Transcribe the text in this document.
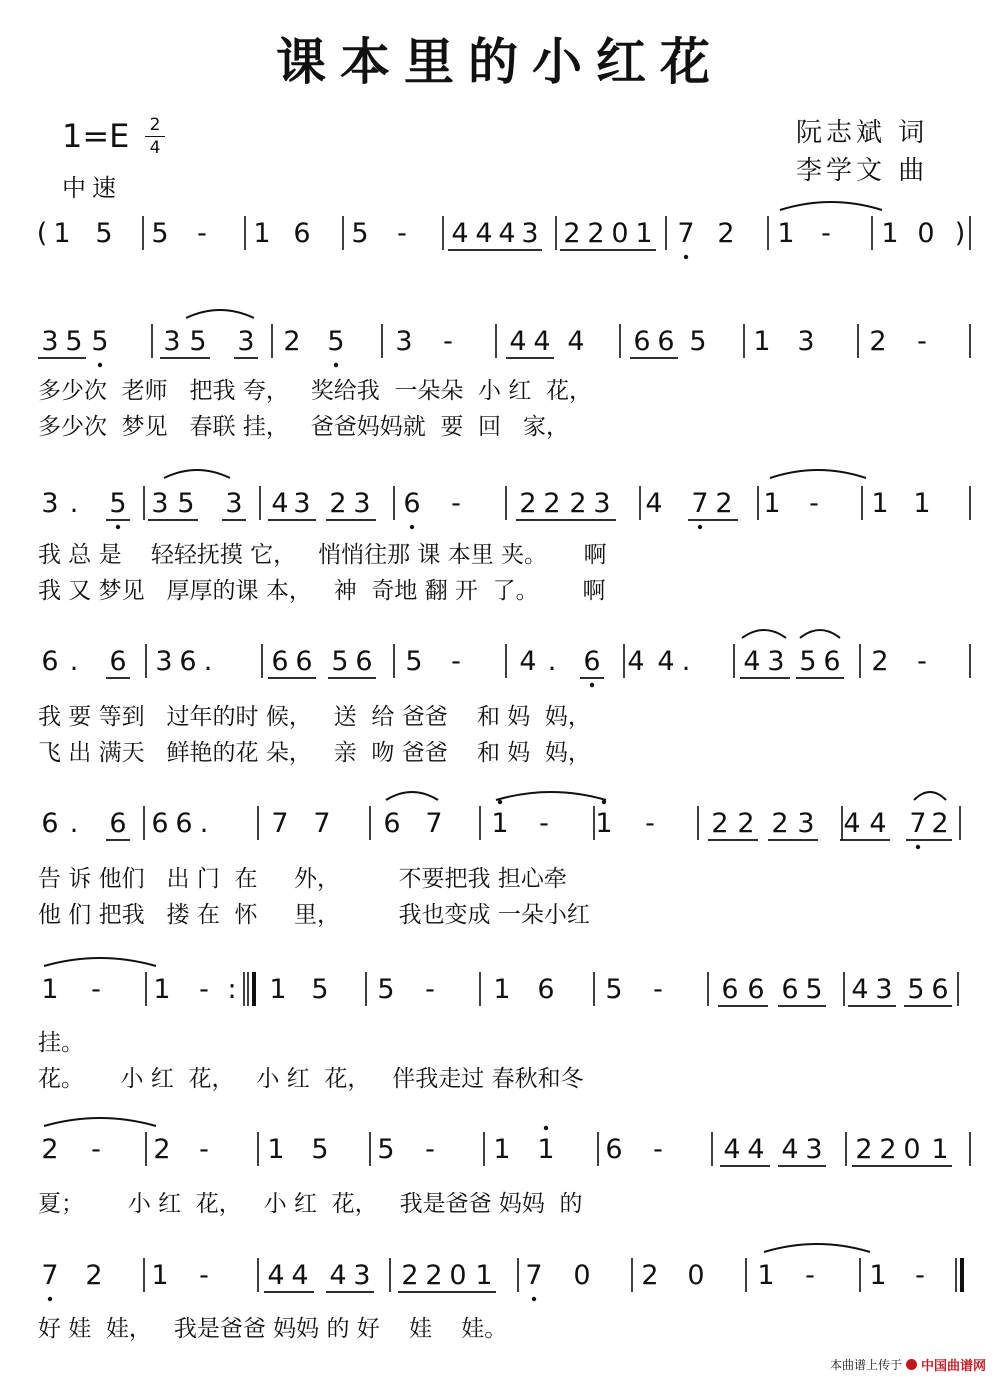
课本里的小红花
1=E 2
4
中速
阮志斌 词
李学文 曲
( 1 5 5 - 1 6 5 - 4 4 4 3 2 2 0 1 7 2 1 - 1 0 )
3 5 5 3 5 3 2 5 3 - 4 4 4 6 6 5 1 3 2 -
3 . 5 3 5 3 4 3 2 3 6 - 2 2 2 3 4 7 2 1 - 1 1
6 . 6 3 6 . 6 6 5 6 5 - 4 . 6 4 4 . 4 3 5 6 2 -
6 . 6 6 6 . 7 7 6 7 1 - 1 - 2 2 2 3 4 4 7 2
1 - 1 - : 1 5 5 - 1 6 5 - 6 6 6 5 4 3 5 6
2 - 2 - 1 5 5 - 1 1 6 - 4 4 4 3 2 2 0 1
7 2 1 - 4 4 4 3 2 2 0 1 7 0 2 0 1 - 1 -
多少次  老师   把我 夸，   奖给我  一朵朵  小 红  花，
多少次  梦见   春联 挂，   爸爸妈妈就  要  回   家，
我 总 是    轻轻抚摸 它，   悄悄往那 课 本里 夹。     啊
我 又 梦见   厚厚的课 本，   神  奇地 翻 开  了。      啊
我 要 等到   过年的时 候，   送  给 爸爸    和 妈  妈，
飞 出 满天   鲜艳的花 朵，   亲  吻 爸爸    和 妈  妈，
告 诉 他们   出 门  在     外，        不要把我 担心牵
他 们 把我   搂 在  怀     里，        我也变成 一朵小红
挂。
花。     小 红  花，   小 红  花，   伴我走过 春秋和冬
夏；      小 红  花，   小 红  花，   我是爸爸 妈妈  的
好 娃  娃，   我是爸爸 妈妈 的 好    娃    娃。
本曲谱上传于 中国曲谱网
